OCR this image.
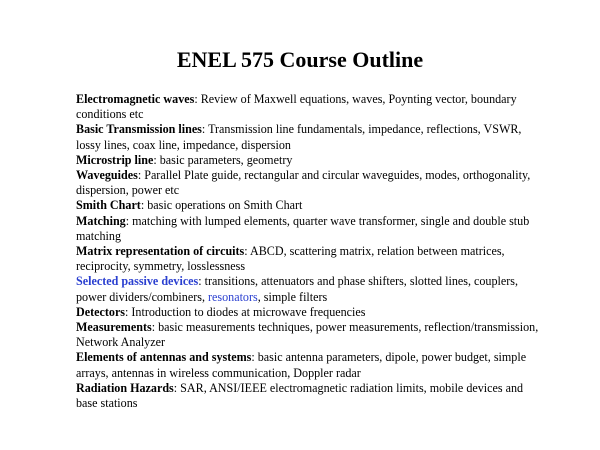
ENEL 575 Course Outline
Electromagnetic waves: Review of Maxwell equations, waves, Poynting vector, boundary conditions etc
Basic Transmission lines: Transmission line fundamentals, impedance, reflections, VSWR, lossy lines, coax line, impedance, dispersion
Microstrip line: basic parameters, geometry
Waveguides: Parallel Plate guide, rectangular and circular waveguides, modes, orthogonality, dispersion, power etc
Smith Chart: basic operations on Smith Chart
Matching: matching with lumped elements, quarter wave transformer, single and double stub matching
Matrix representation of circuits: ABCD, scattering matrix, relation between matrices, reciprocity, symmetry, losslessness
Selected passive devices: transitions, attenuators and phase shifters, slotted lines, couplers, power dividers/combiners, resonators, simple filters
Detectors: Introduction to diodes at microwave frequencies
Measurements: basic measurements techniques, power measurements, reflection/transmission, Network Analyzer
Elements of antennas and systems: basic antenna parameters, dipole, power budget, simple arrays, antennas in wireless communication, Doppler radar
Radiation Hazards: SAR, ANSI/IEEE electromagnetic radiation limits, mobile devices and base stations
